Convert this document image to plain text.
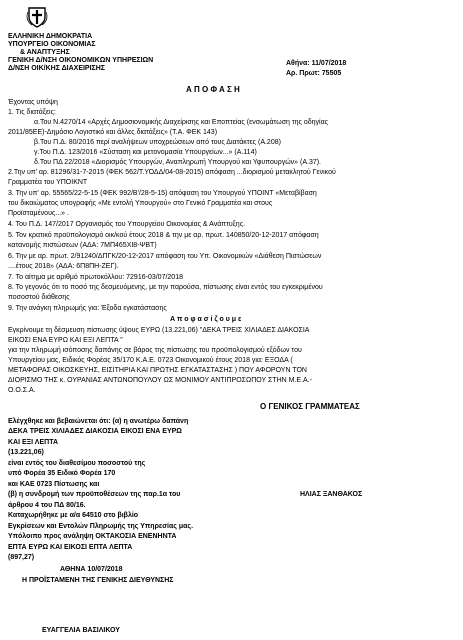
ΕΛΛΗΝΙΚΗ ΔΗΜΟΚΡΑΤΙΑ
ΥΠΟΥΡΓΕΙΟ ΟΙΚΟΝΟΜΙΑΣ
& ΑΝΑΠΤΥΞΗΣ
ΓΕΝΙΚΗ Δ/ΝΣΗ ΟΙΚΟΝΟΜΙΚΩΝ ΥΠΗΡΕΣΙΩΝ
Δ/ΝΣΗ ΟΙΚ/ΚΗΣ ΔΙΑΧΕΙΡΙΣΗΣ
Αθήνα: 11/07/2018
Αρ. Πρωτ: 75505
Α Π Ο Φ Α Σ Η
Έχοντας υπόψη
1. Τις διατάξεις:
α.Του Ν.4270/14 «Αρχές Δημοσιονομικής Διαχείρισης και Εποπτείας (ενσωμάτωση της οδηγίας
2011/85ΕΕ)-Δημόσιο Λογιστικό και άλλες διατάξεις» (Τ.Α. ΦΕΚ 143)
β.Του Π.Δ. 80/2016 περί αναλήψεων υποχρεώσεων από τους Διατάκτες (Α.208)
γ.Του Π.Δ. 123/2016 «Σύσταση και μετονομασία Υπουργείων...» (Α.114)
δ.Του ΠΔ 22/2018 «Διορισμός Υπουργών, Αναπληρωτή Υπουργού και Υφυπουργών» (Α.37).
2.Την υπ' αρ. 81296/31-7-2015 (ΦΕΚ 562/Τ.ΥΟΔΔ/04-08-2015) απόφαση ...διορισμού μετακλητού Γενικού
Γραμματέα του ΥΠΟΙΚΝΤ
3. Την υπ' αρ. 55565/22-5-15 (ΦΕΚ 992/Β'/28-5-15) απόφαση του Υπουργού ΥΠΟΙΝΤ «Μεταβίβαση
του δικαιώματος υπογραφής «Με εντολή Υπουργού» στο Γενικό Γραμματέα και στους
Προϊσταμένους...» .
4. Του Π.Δ. 147/2017 Οργανισμός του Υπουργείου Οικονομίας & Ανάπτυξης.
5. Τον κρατικό προϋπολογισμό οικ/κού έτους 2018 & την με αρ. πρωτ. 140850/20-12-2017 απόφαση
κατανομής πιστώσεων (ΑΔΑ: 7ΜΠ465ΧΙ8-ΨΒΤ)
6. Την με αρ. πρωτ. 2/91240/ΔΠΓΚ/20-12-2017 απόφαση του Υπ. Οικονομικών «Διάθεση Πιστώσεων
....έτους 2018» (ΑΔΑ: 6Π8ΠΗ-ΖΕΓ).
7. Το αίτημα με αριθμό πρωτοκόλλου: 72916-03/07/2018
8. Το γεγονός ότι το ποσό της δεσμευόμενης, με την παρούσα, πίστωσης είναι εντός του εγκεκριμένου
ποσοστού διάθεσης
9. Την ανάγκη πληρωμής για: Έξοδα εγκατάστασης
Α π ο φ α σ ί ζ ο υ μ ε
Εγκρίνουμε τη δέσμευση πίστωσης ύψους ΕΥΡΩ (13.221,06) "ΔΕΚΑ ΤΡΕΙΣ ΧΙΛΙΑΔΕΣ ΔΙΑΚΟΣΙΑ
ΕΙΚΟΣΙ ΕΝΑ ΕΥΡΩ ΚΑΙ ΕΞΙ ΛΕΠΤΑ "
για την πληρωμή ισόποσης δαπάνης σε βάρος της πίστωσης του προϋπολογισμού εξόδων του
Υπουργείου μας, Ειδικός Φορέας 35/170 Κ.Α.Ε. 0723 Οικονομικού έτους 2018 για: ΕΞΟΔΑ (
ΜΕΤΑΦΟΡΑΣ ΟΙΚΟΣΚΕΥΗΣ, ΕΙΣΙΤΗΡΙΑ ΚΑΙ ΠΡΩΤΗΣ ΕΓΚΑΤΑΣΤΑΣΗΣ ) ΠΟΥ ΑΦΟΡΟΥΝ ΤΟΝ
ΔΙΟΡΙΣΜΟ ΤΗΣ κ. ΟΥΡΑΝΙΑΣ ΑΝΤΩΝΟΠΟΥΛΟΥ ΩΣ ΜΟΝΙΜΟΥ ΑΝΤΙΠΡΟΣΩΠΟΥ ΣΤΗΝ Μ.Ε.Α.-
Ο.Ο.Σ.Α.
Ο ΓΕΝΙΚΟΣ ΓΡΑΜΜΑΤΕΑΣ
ΗΛΙΑΣ ΞΑΝΘΑΚΟΣ
Ελέγχθηκε και βεβαιώνεται ότι: (α) η ανωτέρω δαπάνη
ΔΕΚΑ ΤΡΕΙΣ ΧΙΛΙΑΔΕΣ ΔΙΑΚΟΣΙΑ ΕΙΚΟΣΙ ΕΝΑ ΕΥΡΩ
ΚΑΙ ΕΞΙ ΛΕΠΤΑ
(13.221,06)
είναι εντός του διαθεσίμου ποσοστού της
υπό Φορέα 35 Ειδικό Φορέα 170
και ΚΑΕ 0723 Πίστωσης και
(β) η συνδρομή των προϋποθέσεων της παρ.1α του
άρθρου 4 του ΠΔ 80/16.
Καταχωρήθηκε με α/α 64510 στο βιβλίο
Εγκρίσεων και Εντολών Πληρωμής της Υπηρεσίας μας.
Υπόλοιπο προς ανάληψη ΟΚΤΑΚΟΣΙΑ ΕΝΕΝΗΝΤΑ
ΕΠΤΑ ΕΥΡΩ ΚΑΙ ΕΙΚΟΣΙ ΕΠΤΑ ΛΕΠΤΑ
(897,27)
ΑΘΗΝΑ 10/07/2018
Η ΠΡΟΪΣΤΑΜΕΝΗ ΤΗΣ ΓΕΝΙΚΗΣ ΔΙΕΥΘΥΝΣΗΣ
ΕΥΑΓΓΕΛΙΑ ΒΑΣΙΛΙΚΟΥ
